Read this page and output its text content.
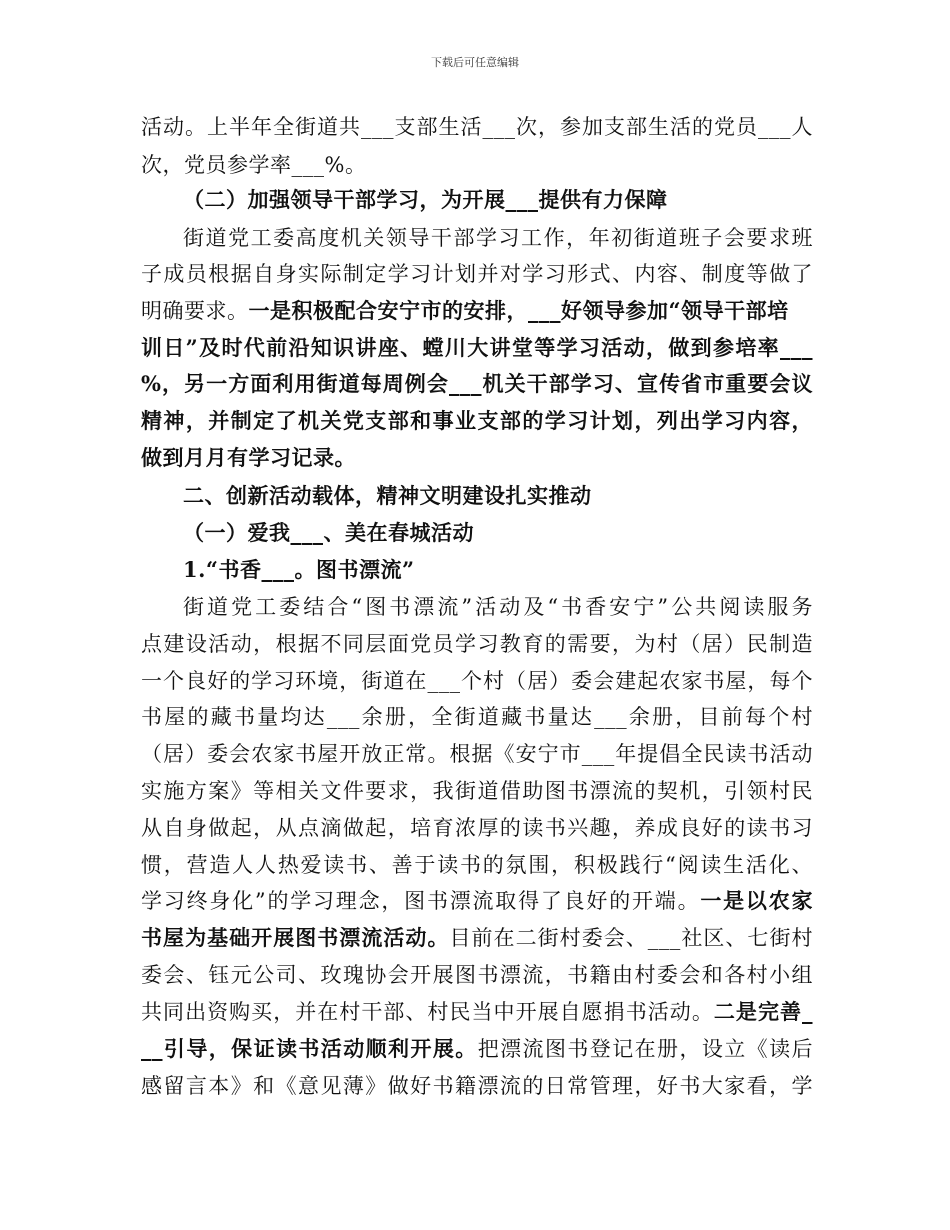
下载后可任意编辑
活动。上半年全街道共___支部生活___次，参加支部生活的党员___人
次，党员参学率___%。
（二）加强领导干部学习，为开展___提供有力保障
街道党工委高度机关领导干部学习工作，年初街道班子会要求班
子成员根据自身实际制定学习计划并对学习形式、内容、制度等做了
明确要求。一是积极配合安宁市的安排，___好领导参加“领导干部培
训日”及时代前沿知识讲座、螳川大讲堂等学习活动，做到参培率___
%，另一方面利用街道每周例会___机关干部学习、宣传省市重要会议
精神，并制定了机关党支部和事业支部的学习计划，列出学习内容，
做到月月有学习记录。
二、创新活动载体，精神文明建设扎实推动
（一）爱我___、美在春城活动
1.“书香___。图书漂流”
街道党工委结合“图书漂流”活动及“书香安宁”公共阅读服务
点建设活动，根据不同层面党员学习教育的需要，为村（居）民制造
一个良好的学习环境，街道在___个村（居）委会建起农家书屋，每个
书屋的藏书量均达___余册，全街道藏书量达___余册，目前每个村
（居）委会农家书屋开放正常。根据《安宁市___年提倡全民读书活动
实施方案》等相关文件要求，我街道借助图书漂流的契机，引领村民
从自身做起，从点滴做起，培育浓厚的读书兴趣，养成良好的读书习
惯，营造人人热爱读书、善于读书的氛围，积极践行“阅读生活化、
学习终身化”的学习理念，图书漂流取得了良好的开端。一是以农家
书屋为基础开展图书漂流活动。目前在二街村委会、___社区、七街村
委会、钰元公司、玫瑰协会开展图书漂流，书籍由村委会和各村小组
共同出资购买，并在村干部、村民当中开展自愿捐书活动。二是完善_
__引导，保证读书活动顺利开展。把漂流图书登记在册，设立《读后
感留言本》和《意见薄》做好书籍漂流的日常管理，好书大家看，学
